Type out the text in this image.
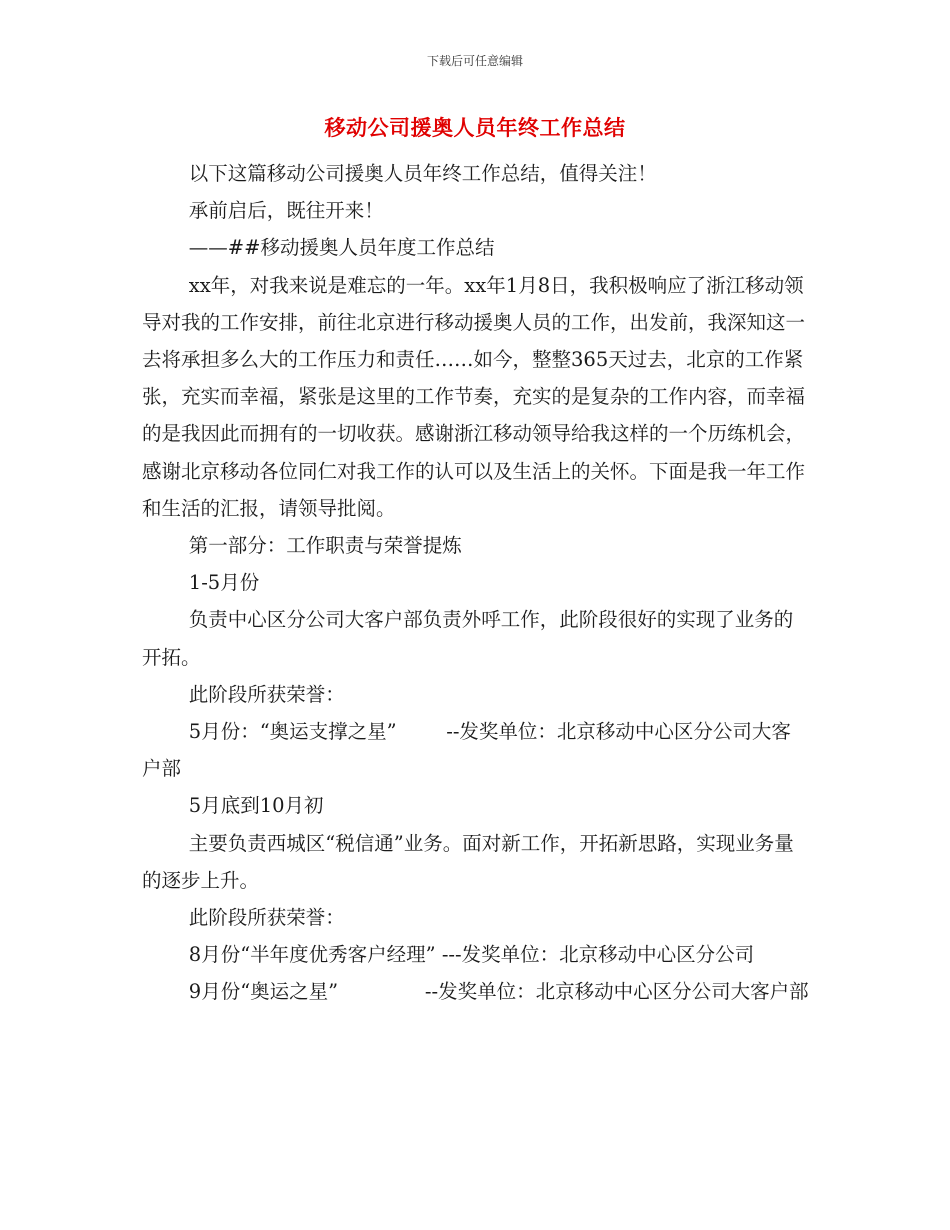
下载后可任意编辑
移动公司援奥人员年终工作总结

以下这篇移动公司援奥人员年终工作总结，值得关注！

承前启后，既往开来！

——##移动援奥人员年度工作总结

xx年，对我来说是难忘的一年。xx年1月8日，我积极响应了浙江移动领导对我的工作安排，前往北京进行移动援奥人员的工作，出发前，我深知这一去将承担多么大的工作压力和责任……如今，整整365天过去，北京的工作紧张，充实而幸福，紧张是这里的工作节奏，充实的是复杂的工作内容，而幸福的是我因此而拥有的一切收获。感谢浙江移动领导给我这样的一个历练机会，感谢北京移动各位同仁对我工作的认可以及生活上的关怀。下面是我一年工作和生活的汇报，请领导批阅。

第一部分：工作职责与荣誉提炼

1-5月份

负责中心区分公司大客户部负责外呼工作，此阶段很好的实现了业务的开拓。

此阶段所获荣誉：

5月份：“奥运支撑之星”        --发奖单位：北京移动中心区分公司大客户部

5月底到10月初

主要负责西城区“税信通”业务。面对新工作，开拓新思路，实现业务量的逐步上升。

此阶段所获荣誉：

8月份“半年度优秀客户经理” ---发奖单位：北京移动中心区分公司

9月份“奥运之星”              --发奖单位：北京移动中心区分公司大客户部
